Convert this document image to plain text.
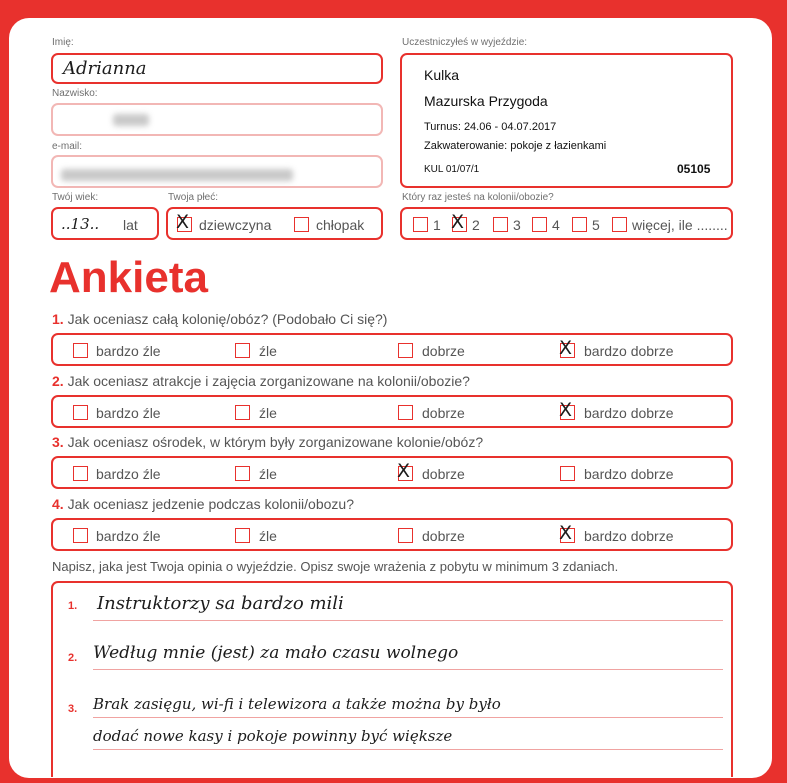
Imię:
Adrianna
Nazwisko:
e-mail:
Twój wiek:
..13.. lat
Twoja płeć:
X dziewczyna	chłopak
Uczestniczyłeś w wyjeździe:
Kulka
Mazurska Przygoda
Turnus: 24.06 - 04.07.2017
Zakwaterowanie: pokoje z łazienkami
KUL 01/07/1	05105
Który raz jesteś na kolonii/obozie?
1 X 2 3 4 5 więcej, ile ........
Ankieta
1. Jak oceniasz całą kolonię/obóz? (Podobało Ci się?)
bardzo źle	źle	dobrze	X bardzo dobrze
2. Jak oceniasz atrakcje i zajęcia zorganizowane na kolonii/obozie?
bardzo źle	źle	dobrze	X bardzo dobrze
3. Jak oceniasz ośrodek, w którym były zorganizowane kolonie/obóz?
bardzo źle	źle	X dobrze	bardzo dobrze
4. Jak oceniasz jedzenie podczas kolonii/obozu?
bardzo źle	źle	dobrze	X bardzo dobrze
Napisz, jaka jest Twoja opinia o wyjeździe. Opisz swoje wrażenia z pobytu w minimum 3 zdaniach.
1.
2.
3.
Instruktorzy sa bardzo mili
Według mnie (jest) za mało czasu wolnego
Brak zasięgu, wi-fi i telewizora a także można by było
dodać nowe kasy i pokoje powinny być większe
